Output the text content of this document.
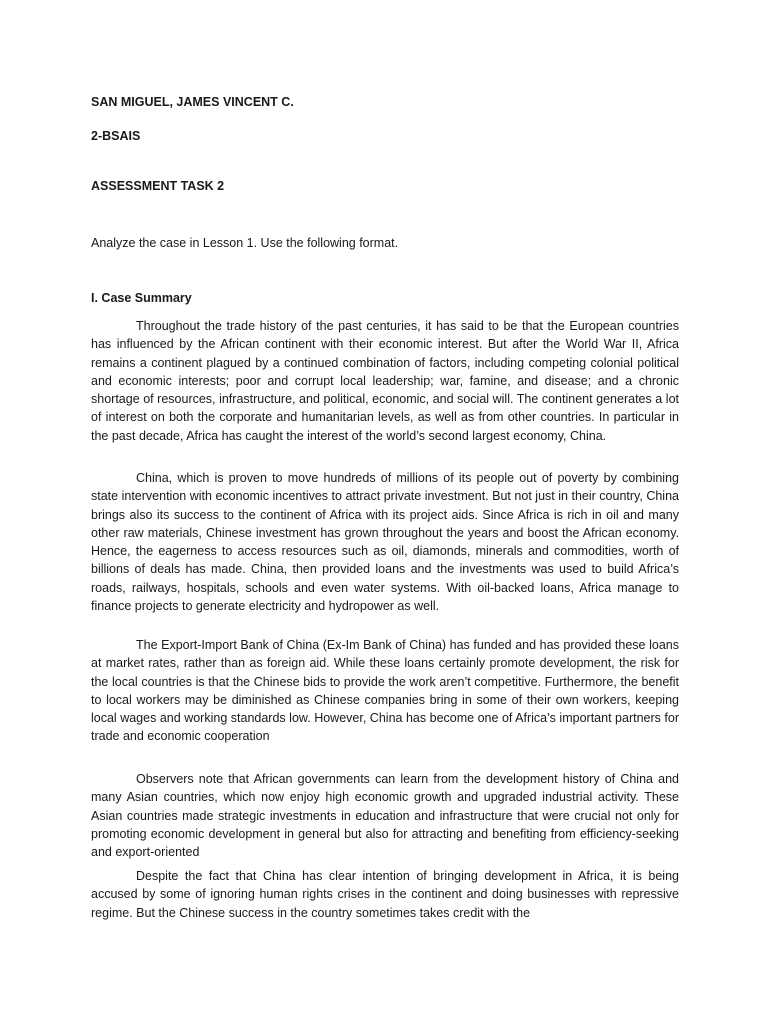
SAN MIGUEL, JAMES VINCENT C.
2-BSAIS
ASSESSMENT TASK 2
Analyze the case in Lesson 1. Use the following format.
I. Case Summary

Throughout the trade history of the past centuries, it has said to be that the European countries has influenced by the African continent with their economic interest. But after the World War II, Africa remains a continent plagued by a continued combination of factors, including competing colonial political and economic interests; poor and corrupt local leadership; war, famine, and disease; and a chronic shortage of resources, infrastructure, and political, economic, and social will. The continent generates a lot of interest on both the corporate and humanitarian levels, as well as from other countries. In particular in the past decade, Africa has caught the interest of the world’s second largest economy, China.

China, which is proven to move hundreds of millions of its people out of poverty by combining state intervention with economic incentives to attract private investment. But not just in their country, China brings also its success to the continent of Africa with its project aids. Since Africa is rich in oil and many other raw materials, Chinese investment has grown throughout the years and boost the African economy. Hence, the eagerness to access resources such as oil, diamonds, minerals and commodities, worth of billions of deals has made. China, then provided loans and the investments was used to build Africa’s roads, railways, hospitals, schools and even water systems. With oil-backed loans, Africa manage to finance projects to generate electricity and hydropower as well.

The Export-Import Bank of China (Ex-Im Bank of China) has funded and has provided these loans at market rates, rather than as foreign aid. While these loans certainly promote development, the risk for the local countries is that the Chinese bids to provide the work aren’t competitive. Furthermore, the benefit to local workers may be diminished as Chinese companies bring in some of their own workers, keeping local wages and working standards low. However, China has become one of Africa’s important partners for trade and economic cooperation

Observers note that African governments can learn from the development history of China and many Asian countries, which now enjoy high economic growth and upgraded industrial activity. These Asian countries made strategic investments in education and infrastructure that were crucial not only for promoting economic development in general but also for attracting and benefiting from efficiency-seeking and export-oriented

Despite the fact that China has clear intention of bringing development in Africa, it is being accused by some of ignoring human rights crises in the continent and doing businesses with repressive regime. But the Chinese success in the country sometimes takes credit with the
